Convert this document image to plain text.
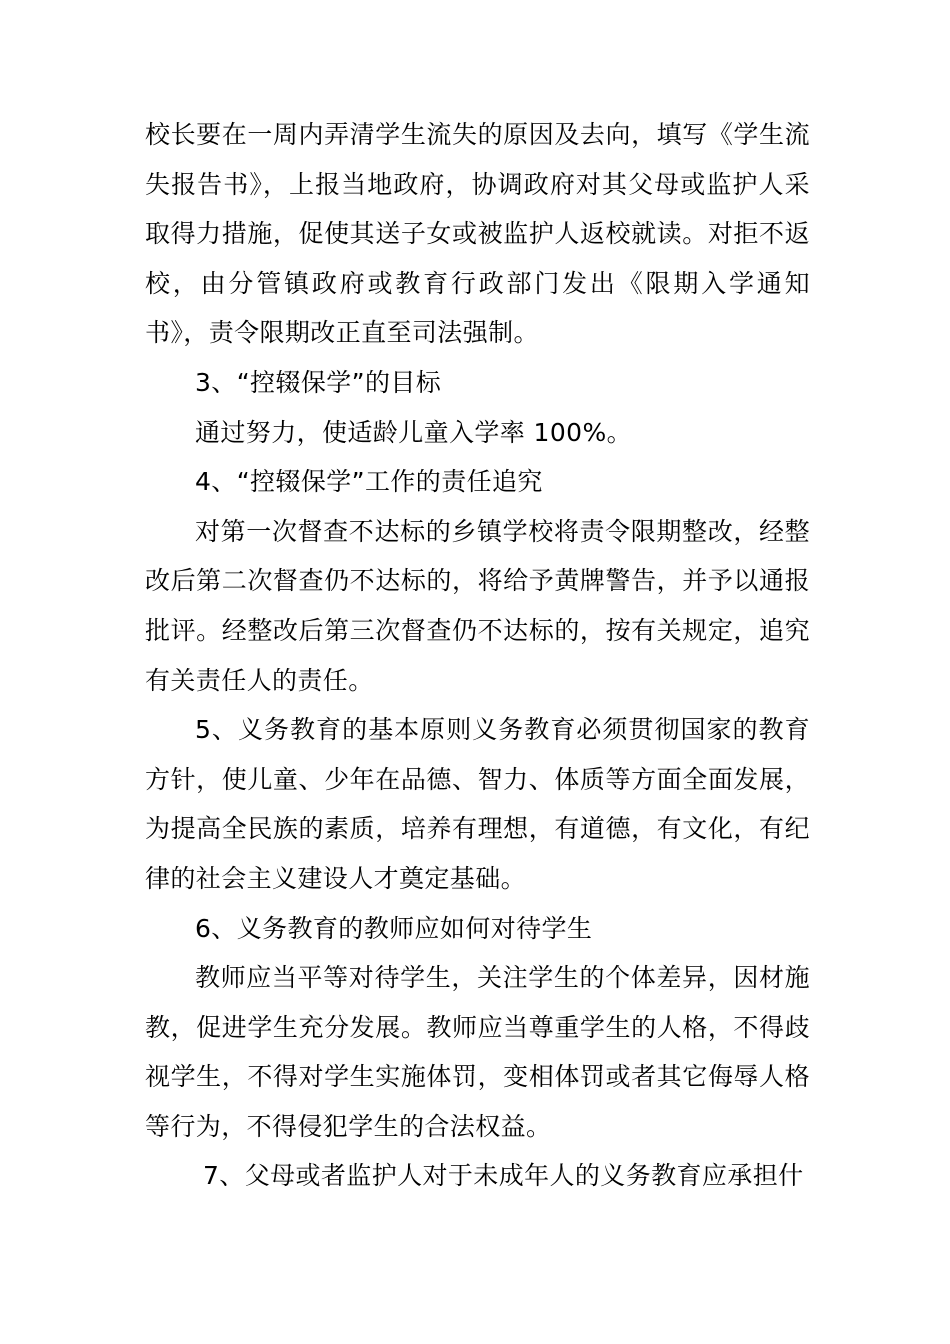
校长要在一周内弄清学生流失的原因及去向，填写《学生流失报告书》，上报当地政府，协调政府对其父母或监护人采取得力措施，促使其送子女或被监护人返校就读。对拒不返校，由分管镇政府或教育行政部门发出《限期入学通知书》，责令限期改正直至司法强制。

3、“控辍保学”的目标

通过努力，使适龄儿童入学率 100%。

4、“控辍保学”工作的责任追究

对第一次督查不达标的乡镇学校将责令限期整改，经整改后第二次督查仍不达标的，将给予黄牌警告，并予以通报批评。经整改后第三次督查仍不达标的，按有关规定，追究有关责任人的责任。

5、义务教育的基本原则义务教育必须贯彻国家的教育方针，使儿童、少年在品德、智力、体质等方面全面发展，为提高全民族的素质，培养有理想，有道德，有文化，有纪律的社会主义建设人才奠定基础。

6、义务教育的教师应如何对待学生

教师应当平等对待学生，关注学生的个体差异，因材施教，促进学生充分发展。教师应当尊重学生的人格，不得歧视学生，不得对学生实施体罚，变相体罚或者其它侮辱人格等行为，不得侵犯学生的合法权益。

7、父母或者监护人对于未成年人的义务教育应承担什
